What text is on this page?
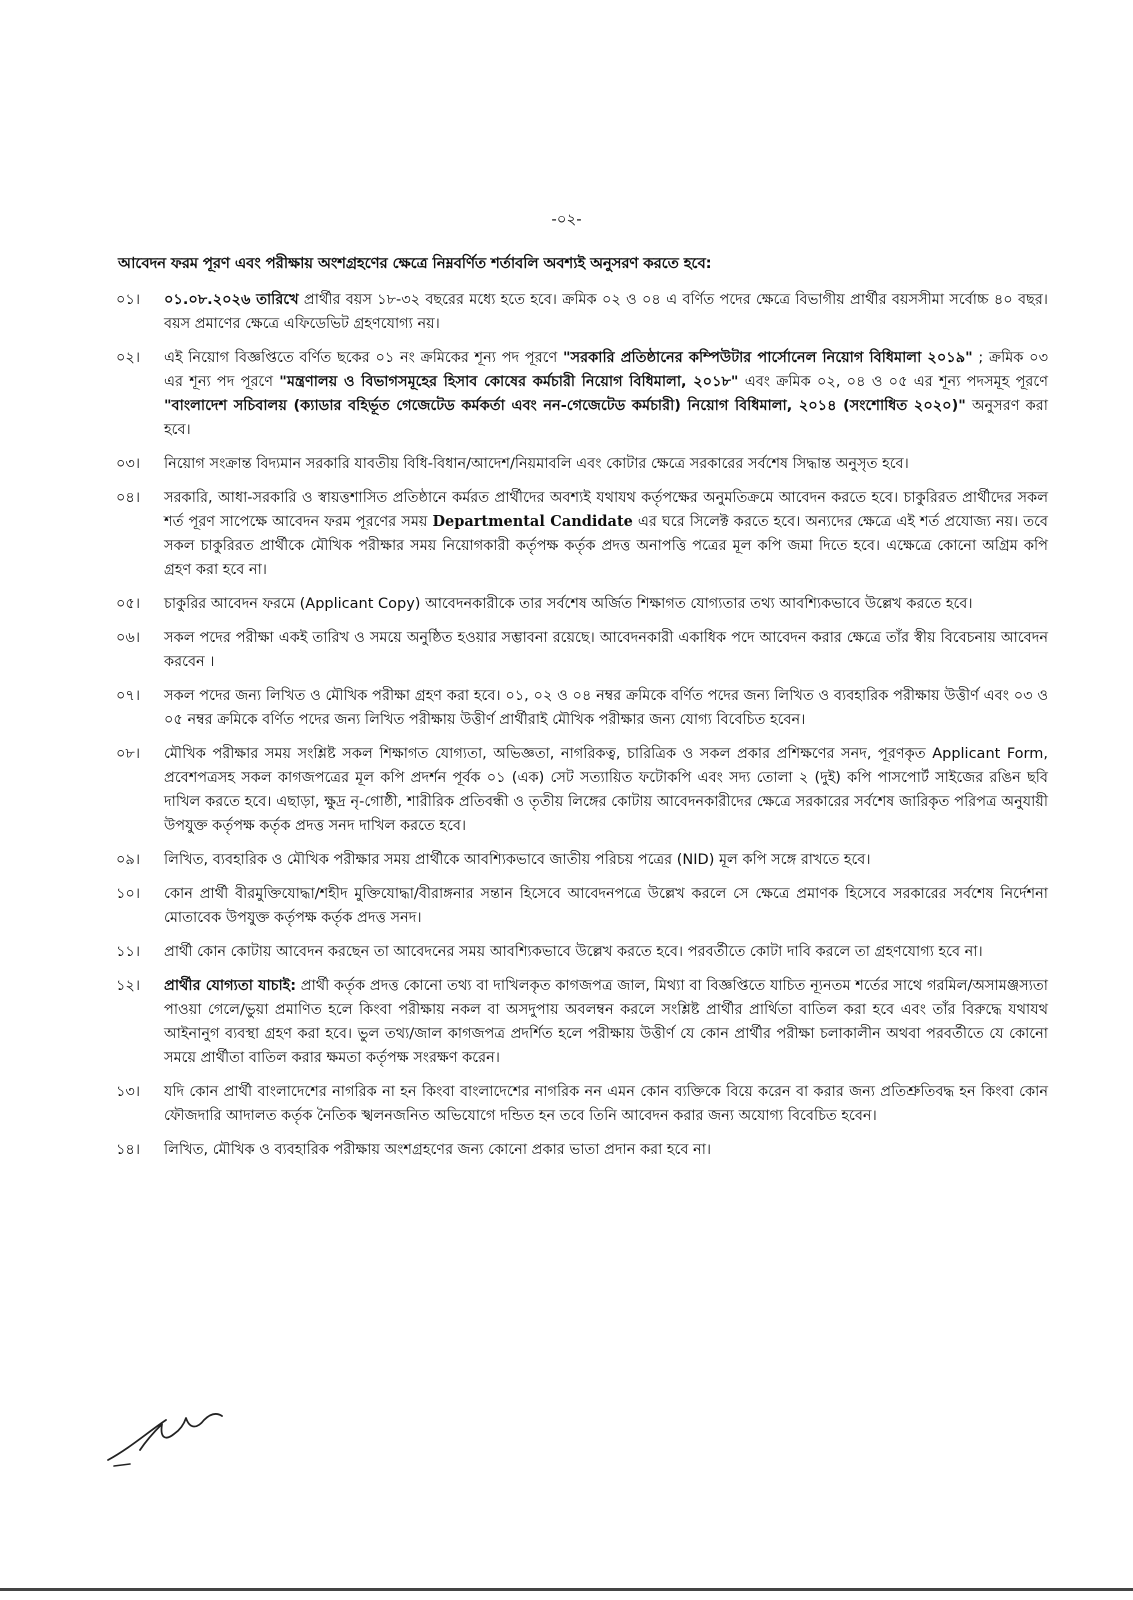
-০২-
আবেদন ফরম পূরণ এবং পরীক্ষায় অংশগ্রহণের ক্ষেত্রে নিম্নবর্ণিত শর্তাবলি অবশ্যই অনুসরণ করতে হবে:
০১।	০১.০৮.২০২৬ তারিখে প্রার্থীর বয়স ১৮-৩২ বছরের মধ্যে হতে হবে। ক্রমিক ০২ ও ০৪ এ বর্ণিত পদের ক্ষেত্রে বিভাগীয় প্রার্থীর বয়সসীমা সর্বোচ্চ ৪০ বছর। বয়স প্রমাণের ক্ষেত্রে এফিডেভিট গ্রহণযোগ্য নয়।
০২।	এই নিয়োগ বিজ্ঞপ্তিতে বর্ণিত ছকের ০১ নং ক্রমিকের শূন্য পদ পূরণে "সরকারি প্রতিষ্ঠানের কম্পিউটার পার্সোনেল নিয়োগ বিধিমালা ২০১৯" ; ক্রমিক ০৩ এর শূন্য পদ পূরণে "মন্ত্রণালয় ও বিভাগসমূহের হিসাব কোষের কর্মচারী নিয়োগ বিধিমালা, ২০১৮" এবং ক্রমিক ০২, ০৪ ও ০৫ এর শূন্য পদসমূহ পূরণে "বাংলাদেশ সচিবালয় (ক্যাডার বহির্ভূত গেজেটেড কর্মকর্তা এবং নন-গেজেটেড কর্মচারী) নিয়োগ বিধিমালা, ২০১৪ (সংশোধিত ২০২০)" অনুসরণ করা হবে।
০৩।	নিয়োগ সংক্রান্ত বিদ্যমান সরকারি যাবতীয় বিধি-বিধান/আদেশ/নিয়মাবলি এবং কোটার ক্ষেত্রে সরকারের সর্বশেষ সিদ্ধান্ত অনুসৃত হবে।
০৪।	সরকারি, আধা-সরকারি ও স্বায়ত্তশাসিত প্রতিষ্ঠানে কর্মরত প্রার্থীদের অবশ্যই যথাযথ কর্তৃপক্ষের অনুমতিক্রমে আবেদন করতে হবে। চাকুরিরত প্রার্থীদের সকল শর্ত পূরণ সাপেক্ষে আবেদন ফরম পূরণের সময় Departmental Candidate এর ঘরে সিলেক্ট করতে হবে। অন্যদের ক্ষেত্রে এই শর্ত প্রযোজ্য নয়। তবে সকল চাকুরিরত প্রার্থীকে মৌখিক পরীক্ষার সময় নিয়োগকারী কর্তৃপক্ষ কর্তৃক প্রদত্ত অনাপত্তি পত্রের মূল কপি জমা দিতে হবে। এক্ষেত্রে কোনো অগ্রিম কপি গ্রহণ করা হবে না।
০৫।	চাকুরির আবেদন ফরমে (Applicant Copy) আবেদনকারীকে তার সর্বশেষ অর্জিত শিক্ষাগত যোগ্যতার তথ্য আবশ্যিকভাবে উল্লেখ করতে হবে।
০৬।	সকল পদের পরীক্ষা একই তারিখ ও সময়ে অনুষ্ঠিত হওয়ার সম্ভাবনা রয়েছে। আবেদনকারী একাধিক পদে আবেদন করার ক্ষেত্রে তাঁর স্বীয় বিবেচনায় আবেদন করবেন ।
০৭।	সকল পদের জন্য লিখিত ও মৌখিক পরীক্ষা গ্রহণ করা হবে। ০১, ০২ ও ০৪ নম্বর ক্রমিকে বর্ণিত পদের জন্য লিখিত ও ব্যবহারিক পরীক্ষায় উত্তীর্ণ এবং ০৩ ও ০৫ নম্বর ক্রমিকে বর্ণিত পদের জন্য লিখিত পরীক্ষায় উত্তীর্ণ প্রার্থীরাই মৌখিক পরীক্ষার জন্য যোগ্য বিবেচিত হবেন।
০৮।	মৌখিক পরীক্ষার সময় সংশ্লিষ্ট সকল শিক্ষাগত যোগ্যতা, অভিজ্ঞতা, নাগরিকত্ব, চারিত্রিক ও সকল প্রকার প্রশিক্ষণের সনদ, পূরণকৃত Applicant Form, প্রবেশপত্রসহ সকল কাগজপত্রের মূল কপি প্রদর্শন পূর্বক ০১ (এক) সেট সত্যায়িত ফটোকপি এবং সদ্য তোলা ২ (দুই) কপি পাসপোর্ট সাইজের রঙিন ছবি দাখিল করতে হবে। এছাড়া, ক্ষুদ্র নৃ-গোষ্ঠী, শারীরিক প্রতিবন্ধী ও তৃতীয় লিঙ্গের কোটায় আবেদনকারীদের ক্ষেত্রে সরকারের সর্বশেষ জারিকৃত পরিপত্র অনুযায়ী উপযুক্ত কর্তৃপক্ষ কর্তৃক প্রদত্ত সনদ দাখিল করতে হবে।
০৯।	লিখিত, ব্যবহারিক ও মৌখিক পরীক্ষার সময় প্রার্থীকে আবশ্যিকভাবে জাতীয় পরিচয় পত্রের (NID) মূল কপি সঙ্গে রাখতে হবে।
১০।	কোন প্রার্থী বীরমুক্তিযোদ্ধা/শহীদ মুক্তিযোদ্ধা/বীরাঙ্গনার সন্তান হিসেবে আবেদনপত্রে উল্লেখ করলে সে ক্ষেত্রে প্রমাণক হিসেবে সরকারের সর্বশেষ নির্দেশনা মোতাবেক উপযুক্ত কর্তৃপক্ষ কর্তৃক প্রদত্ত সনদ।
১১।	প্রার্থী কোন কোটায় আবেদন করছেন তা আবেদনের সময় আবশ্যিকভাবে উল্লেখ করতে হবে। পরবর্তীতে কোটা দাবি করলে তা গ্রহণযোগ্য হবে না।
১২।	প্রার্থীর যোগ্যতা যাচাই: প্রার্থী কর্তৃক প্রদত্ত কোনো তথ্য বা দাখিলকৃত কাগজপত্র জাল, মিথ্যা বা বিজ্ঞপ্তিতে যাচিত ন্যূনতম শর্তের সাথে গরমিল/অসামঞ্জস্যতা পাওয়া গেলে/ভুয়া প্রমাণিত হলে কিংবা পরীক্ষায় নকল বা অসদুপায় অবলম্বন করলে সংশ্লিষ্ট প্রার্থীর প্রার্থিতা বাতিল করা হবে এবং তাঁর বিরুদ্ধে যথাযথ আইনানুগ ব্যবস্থা গ্রহণ করা হবে। ভুল তথ্য/জাল কাগজপত্র প্রদর্শিত হলে পরীক্ষায় উত্তীর্ণ যে কোন প্রার্থীর পরীক্ষা চলাকালীন অথবা পরবর্তীতে যে কোনো সময়ে প্রার্থীতা বাতিল করার ক্ষমতা কর্তৃপক্ষ সংরক্ষণ করেন।
১৩।	যদি কোন প্রার্থী বাংলাদেশের নাগরিক না হন কিংবা বাংলাদেশের নাগরিক নন এমন কোন ব্যক্তিকে বিয়ে করেন বা করার জন্য প্রতিশ্রুতিবদ্ধ হন কিংবা কোন ফৌজদারি আদালত কর্তৃক নৈতিক স্খলনজনিত অভিযোগে দন্ডিত হন তবে তিনি আবেদন করার জন্য অযোগ্য বিবেচিত হবেন।
১৪।	লিখিত, মৌখিক ও ব্যবহারিক পরীক্ষায় অংশগ্রহণের জন্য কোনো প্রকার ভাতা প্রদান করা হবে না।
